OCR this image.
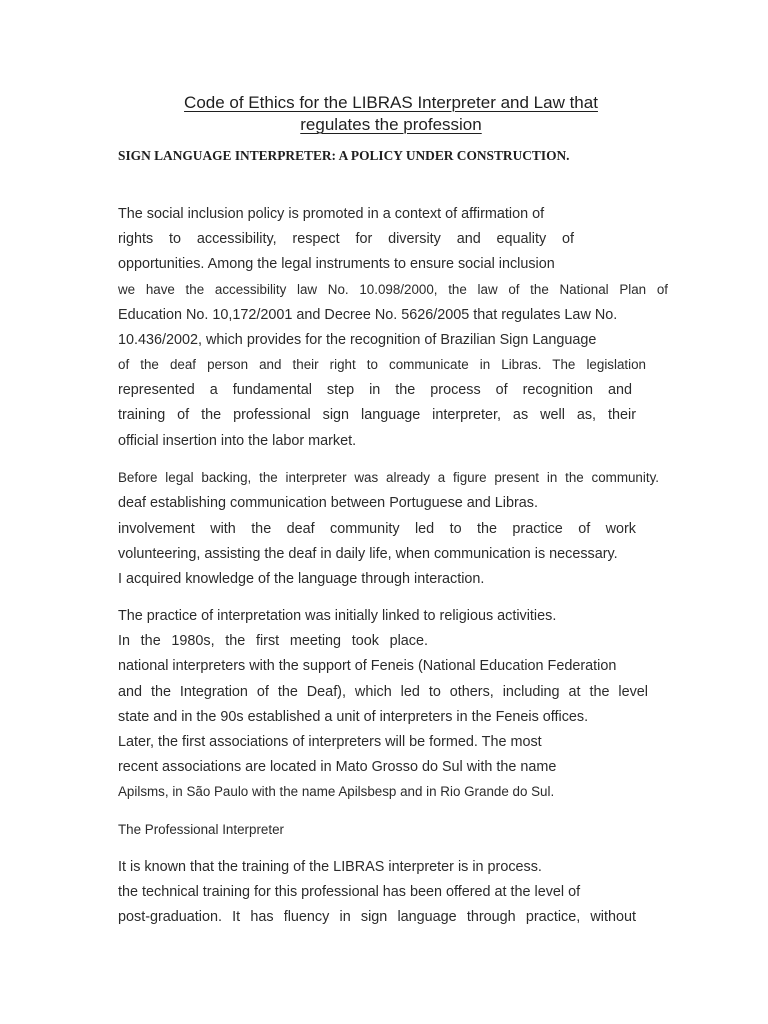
Code of Ethics for the LIBRAS Interpreter and Law that
regulates the profession
SIGN LANGUAGE INTERPRETER: A POLICY UNDER CONSTRUCTION.
The social inclusion policy is promoted in a context of affirmation of
rights to accessibility, respect for diversity and equality of
opportunities. Among the legal instruments to ensure social inclusion
we have the accessibility law No. 10.098/2000, the law of the National Plan of
Education No. 10,172/2001 and Decree No. 5626/2005 that regulates Law No.
10.436/2002, which provides for the recognition of Brazilian Sign Language
of the deaf person and their right to communicate in Libras. The legislation
represented a fundamental step in the process of recognition and
training of the professional sign language interpreter, as well as, their
official insertion into the labor market.
Before legal backing, the interpreter was already a figure present in the community.
deaf establishing communication between Portuguese and Libras.
involvement with the deaf community led to the practice of work
volunteering, assisting the deaf in daily life, when communication is necessary.
I acquired knowledge of the language through interaction.
The practice of interpretation was initially linked to religious activities.
In the 1980s, the first meeting took place.
national interpreters with the support of Feneis (National Education Federation
and the Integration of the Deaf), which led to others, including at the level
state and in the 90s established a unit of interpreters in the Feneis offices.
Later, the first associations of interpreters will be formed. The most
recent associations are located in Mato Grosso do Sul with the name
Apilsms, in São Paulo with the name Apilsbesp and in Rio Grande do Sul.
The Professional Interpreter
It is known that the training of the LIBRAS interpreter is in process.
the technical training for this professional has been offered at the level of
post-graduation. It has fluency in sign language through practice, without
